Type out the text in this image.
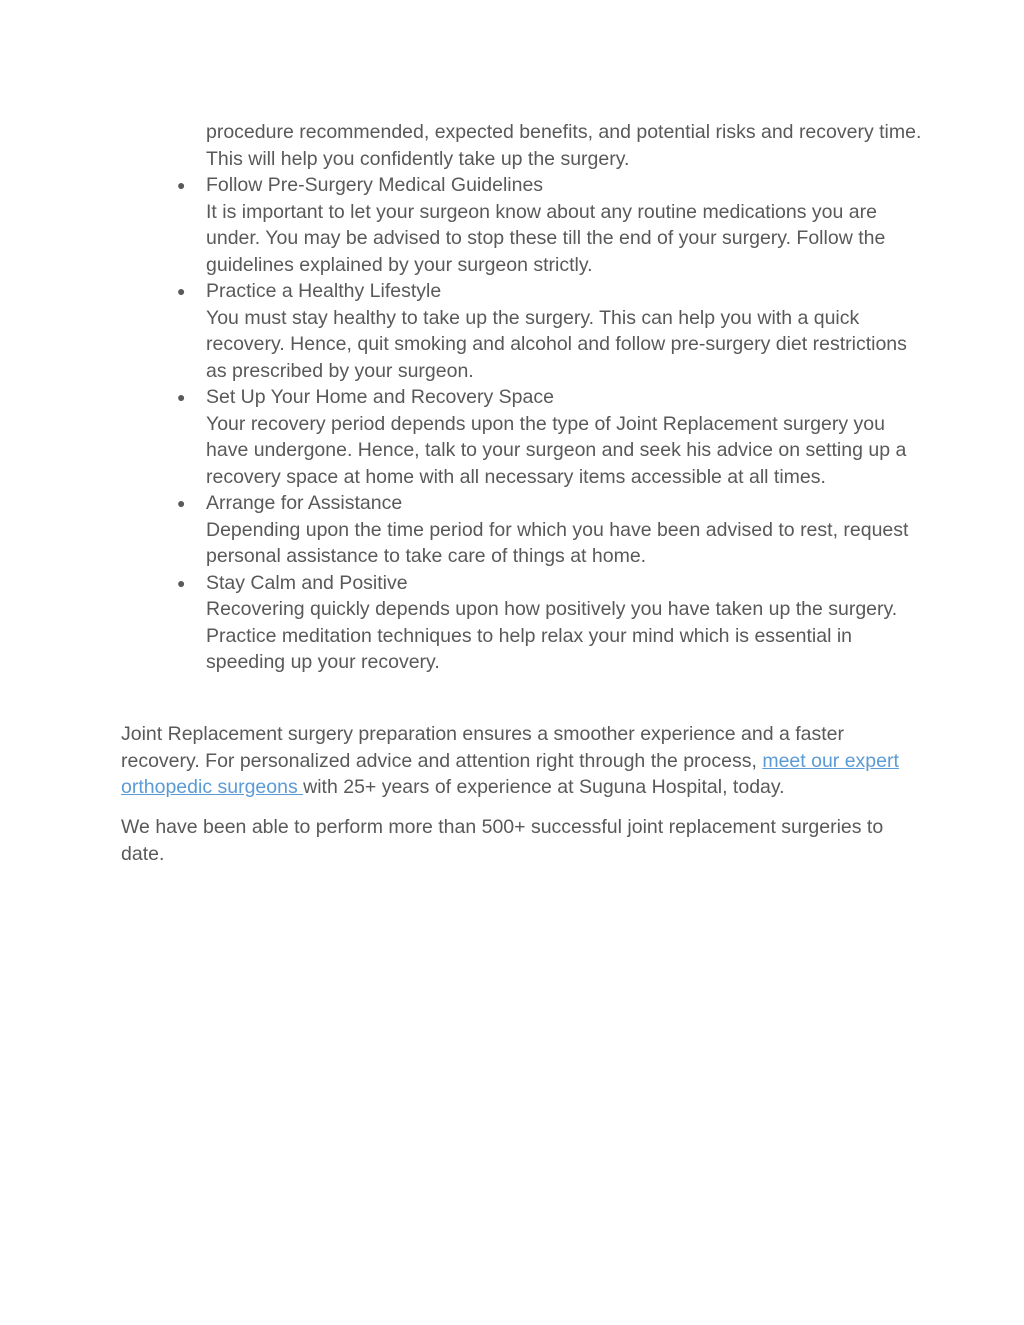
procedure recommended, expected benefits, and potential risks and recovery time. This will help you confidently take up the surgery.

● Follow Pre-Surgery Medical Guidelines
It is important to let your surgeon know about any routine medications you are under. You may be advised to stop these till the end of your surgery. Follow the guidelines explained by your surgeon strictly.
● Practice a Healthy Lifestyle
You must stay healthy to take up the surgery. This can help you with a quick recovery. Hence, quit smoking and alcohol and follow pre-surgery diet restrictions as prescribed by your surgeon.
● Set Up Your Home and Recovery Space
Your recovery period depends upon the type of Joint Replacement surgery you have undergone. Hence, talk to your surgeon and seek his advice on setting up a recovery space at home with all necessary items accessible at all times.
● Arrange for Assistance
Depending upon the time period for which you have been advised to rest, request personal assistance to take care of things at home.
● Stay Calm and Positive
Recovering quickly depends upon how positively you have taken up the surgery. Practice meditation techniques to help relax your mind which is essential in speeding up your recovery.

Joint Replacement surgery preparation ensures a smoother experience and a faster recovery. For personalized advice and attention right through the process, meet our expert orthopedic surgeons with 25+ years of experience at Suguna Hospital, today.

We have been able to perform more than 500+ successful joint replacement surgeries to date.
